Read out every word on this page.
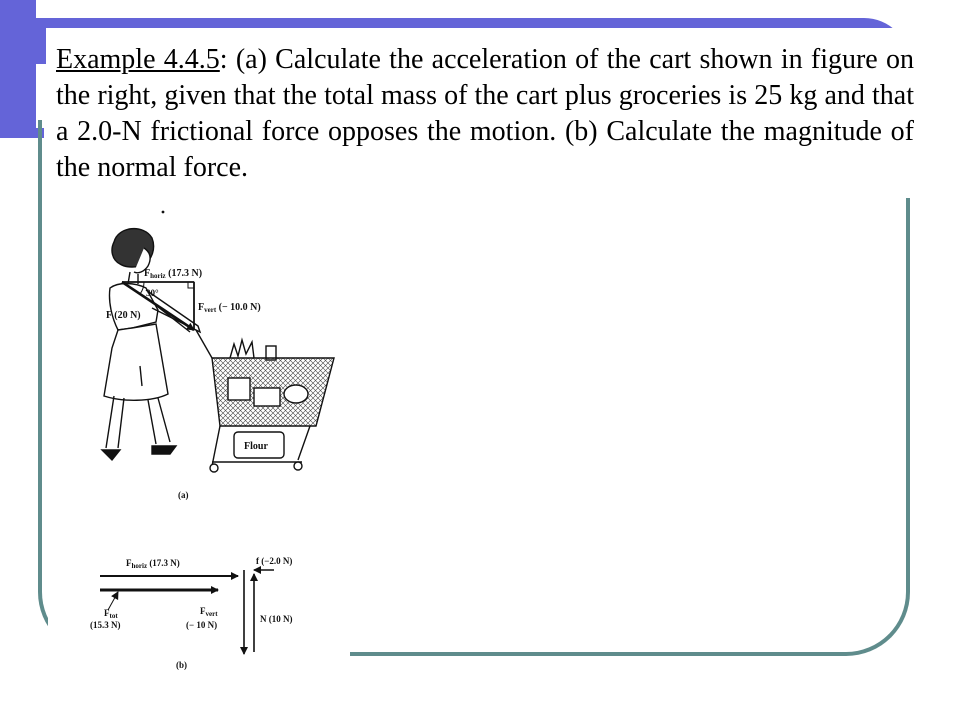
Example 4.4.5: (a) Calculate the acceleration of the cart shown in figure on the right, given that the total mass of the cart plus groceries is 25 kg and that a 2.0-N frictional force opposes the motion. (b) Calculate the magnitude of the normal force.

$F_{horiz}$ (17.3 N)
30°
$F_{vert}$ (− 10.0 N)
F (20 N)
Flour
(a)
$F_{horiz}$ (17.3 N)	f (−2.0 N)
$F_{tot}$
(15.3 N)
$F_{vert}$
(− 10 N)
N (10 N)
(b)
